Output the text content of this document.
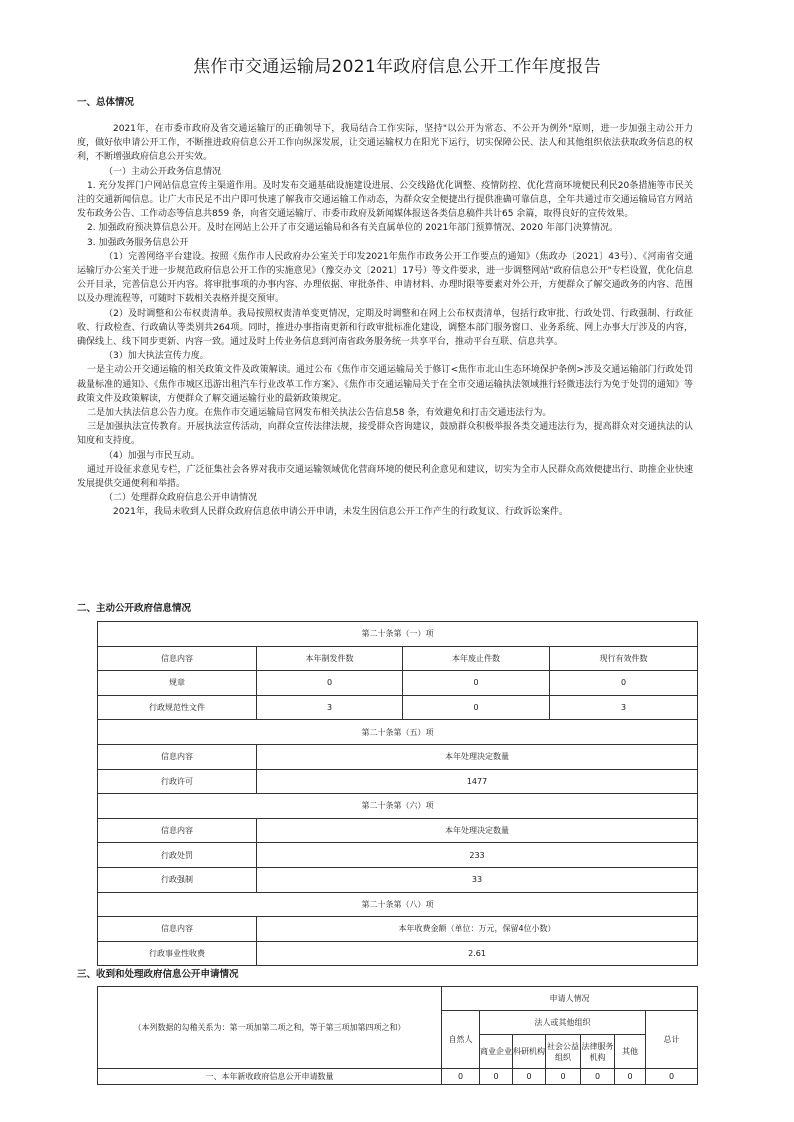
焦作市交通运输局2021年政府信息公开工作年度报告
一、总体情况

2021年，在市委市政府及省交通运输厅的正确领导下，我局结合工作实际，坚持"以公开为常态、不公开为例外"原则，进一步加强主动公开力度，做好依申请公开工作，不断推进政府信息公开工作向纵深发展，让交通运输权力在阳光下运行，切实保障公民、法人和其他组织依法获取政务信息的权利，不断增强政府信息公开实效。

（一）主动公开政务信息情况

1. 充分发挥门户网站信息宣传主渠道作用。及时发布交通基础设施建设进展、公交线路优化调整、疫情防控、优化营商环境便民利民20条措施等市民关注的交通新闻信息。让广大市民足不出户即可快速了解我市交通运输工作动态，为群众安全便捷出行提供准确可靠信息，全年共通过市交通运输局官方网站发布政务公告、工作动态等信息共859 条，向省交通运输厅、市委市政府及新闻媒体报送各类信息稿件共计65 余篇，取得良好的宣传效果。

2. 加强政府预决算信息公开。及时在网站上公开了市交通运输局和各有关直属单位的 2021年部门预算情况、2020 年部门决算情况。

3. 加强政务服务信息公开

（1）完善网络平台建设。按照《焦作市人民政府办公室关于印发2021年焦作市政务公开工作要点的通知》（焦政办〔2021〕43号）、《河南省交通运输厅办公室关于进一步规范政府信息公开工作的实施意见》（豫交办文〔2021〕17号）等文件要求，进一步调整网站"政府信息公开"专栏设置，优化信息公开目录，完善信息公开内容。将审批事项的办事内容、办理依据、审批条件、申请材料、办理时限等要素对外公开，方便群众了解交通政务的内容、范围以及办理流程等，可随时下载相关表格并提交预审。

（2）及时调整和公布权责清单。我局按照权责清单变更情况，定期及时调整和在网上公布权责清单，包括行政审批、行政处罚、行政强制、行政征收、行政检查、行政确认等类别共264项。同时，推进办事指南更新和行政审批标准化建设，调整本部门服务窗口、业务系统、网上办事大厅涉及的内容，确保线上、线下同步更新、内容一致。通过及时上传业务信息到河南省政务服务统一共享平台，推动平台互联、信息共享。

（3）加大执法宣传力度。

一是主动公开交通运输的相关政策文件及政策解读。通过公布《焦作市交通运输局关于修订<焦作市北山生态环境保护条例>涉及交通运输部门行政处罚裁量标准的通知》、《焦作市城区迅游出租汽车行业改革工作方案》、《焦作市交通运输局关于在全市交通运输执法领域推行轻微违法行为免于处罚的通知》等政策文件及政策解读，方便群众了解交通运输行业的最新政策规定。

二是加大执法信息公告力度。在焦作市交通运输局官网发布相关执法公告信息58 条，有效避免和打击交通违法行为。

三是加强执法宣传教育。开展执法宣传活动，向群众宣传法律法规，接受群众咨询建议，鼓励群众积极举报各类交通违法行为，提高群众对交通执法的认知度和支持度。

（4）加强与市民互动。

通过开设征求意见专栏，广泛征集社会各界对我市交通运输领域优化营商环境的便民利企意见和建议，切实为全市人民群众高效便捷出行、助推企业快速发展提供交通便利和举措。

（二）处理群众政府信息公开申请情况

2021年，我局未收到人民群众政府信息依申请公开申请，未发生因信息公开工作产生的行政复议、行政诉讼案件。

二、主动公开政府信息情况
第二十条第（一）项			
信息内容	本年制发件数	本年废止件数	现行有效件数
规章	0	0	0
行政规范性文件	3	0	3
第二十条第（五）项			
信息内容	本年处理决定数量		
行政许可	1477		
第二十条第（六）项			
信息内容	本年处理决定数量		
行政处罚	233		
行政强制	33		
第二十条第（八）项			
信息内容	本年收费金额（单位：万元，保留4位小数）		
行政事业性收费	2.61		
三、收到和处理政府信息公开申请情况
（本列数据的勾稽关系为：第一项加第二项之和，等于第三项加第四项之和）	申请人情况						
	自然人	法人或其他组织					总计
		商业企业	科研机构	社会公益组织	法律服务机构	其他	
一、本年新收政府信息公开申请数量	0	0	0	0	0	0	0
